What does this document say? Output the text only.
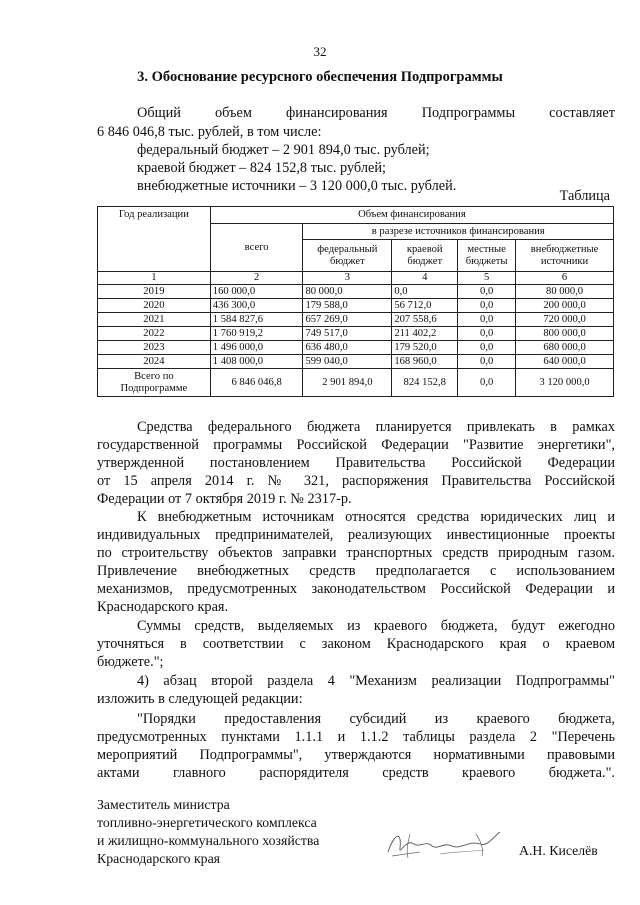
32
3. Обоснование ресурсного обеспечения Подпрограммы
Общий объем финансирования Подпрограммы составляет
6 846 046,8 тыс. рублей, в том числе:
федеральный бюджет – 2 901 894,0 тыс. рублей;
краевой бюджет – 824 152,8 тыс. рублей;
внебюджетные источники – 3 120 000,0 тыс. рублей.
Таблица
Год реализации	Объем финансирования				
	всего	в разрезе источников финансирования			
		федеральный бюджет	краевой бюджет	местные бюджеты	внебюджетные источники
1	2	3	4	5	6
2019	160 000,0	80 000,0	0,0	0,0	80 000,0
2020	436 300,0	179 588,0	56 712,0	0,0	200 000,0
2021	1 584 827,6	657 269,0	207 558,6	0,0	720 000,0
2022	1 760 919,2	749 517,0	211 402,2	0,0	800 000,0
2023	1 496 000,0	636 480,0	179 520,0	0,0	680 000,0
2024	1 408 000,0	599 040,0	168 960,0	0,0	640 000,0
Всего по Подпрограмме	6 846 046,8	2 901 894,0	824 152,8	0,0	3 120 000,0
Средства федерального бюджета планируется привлекать в рамках
государственной программы Российской Федерации "Развитие энергетики",
утвержденной постановлением Правительства Российской Федерации
от 15 апреля 2014 г. № 321, распоряжения Правительства Российской
Федерации от 7 октября 2019 г. № 2317-р.
К внебюджетным источникам относятся средства юридических лиц и
индивидуальных предпринимателей, реализующих инвестиционные проекты
по строительству объектов заправки транспортных средств природным газом.
Привлечение внебюджетных средств предполагается с использованием
механизмов, предусмотренных законодательством Российской Федерации и
Краснодарского края.
Суммы средств, выделяемых из краевого бюджета, будут ежегодно
уточняться в соответствии с законом Краснодарского края о краевом
бюджете.";
4) абзац второй раздела 4 "Механизм реализации Подпрограммы"
изложить в следующей редакции:
"Порядки предоставления субсидий из краевого бюджета,
предусмотренных пунктами 1.1.1 и 1.1.2 таблицы раздела 2 "Перечень
мероприятий Подпрограммы", утверждаются нормативными правовыми
актами главного распорядителя средств краевого бюджета.".
Заместитель министра
топливно-энергетического комплекса
и жилищно-коммунального хозяйства
Краснодарского края
А.Н. Киселёв
